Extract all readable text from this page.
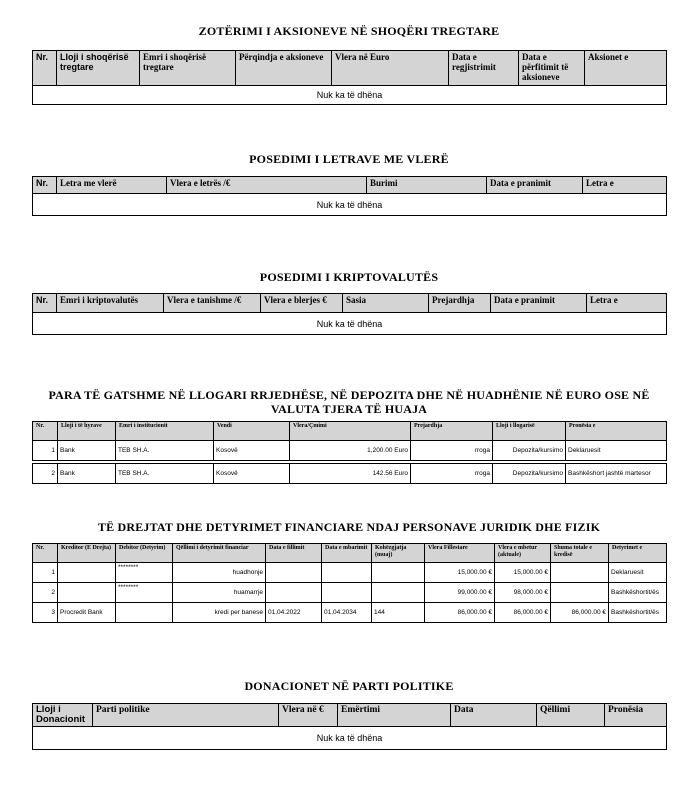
ZOTËRIMI I AKSIONEVE NË SHOQËRI TREGTARE
Nr.	Lloji i shoqërisë tregtare	Emri i shoqërisë tregtare	Përqindja e aksioneve	Vlera në Euro	Data e regjistrimit	Data e përfitimit të aksioneve	Aksionet e
Nuk ka të dhëna
POSEDIMI I LETRAVE ME VLERË
Nr.	Letra me vlerë	Vlera e letrës /€	Burimi	Data e pranimit	Letra e
Nuk ka të dhëna
POSEDIMI I KRIPTOVALUTËS
Nr.	Emri i kriptovalutës	Vlera e tanishme /€	Vlera e blerjes €	Sasia	Prejardhja	Data e pranimit	Letra e
Nuk ka të dhëna
PARA TË GATSHME NË LLOGARI RRJEDHËSE, NË DEPOZITA DHE NË HUADHËNIE NË EURO OSE NË
VALUTA TJERA TË HUAJA
Nr.	Lloji i të hyrave	Emri i institucionit	Vendi	Vlera/Çmimi	Prejardhja	Lloji i llogarisë	Pronësia e
1	Bank	TEB SH.A.	Kosovë	1,200.00 Euro	rroga	Depozita/kursimo	Deklaruesit

2	Bank	TEB SH.A.	Kosovë	142.56 Euro	rroga	Depozita/kursimo	Bashkëshort jashtë martesor
TË DREJTAT DHE DETYRIMET FINANCIARE NDAJ PERSONAVE JURIDIK DHE FIZIK
Nr.	Kreditor (E Drejta)	Debitor (Detyrim)	Qëllimi i detyrimit financiar	Data e fillimit	Data e mbarimit	Kohëzgjatja (muaj)	Vlera Fillestare	Vlera e mbetur (aktuale)	Shuma totale e kredisë	Detyrimet e
1		********	huadhonje				15,000.00 €	15,000.00 €		Deklaruesit
2		********	huamarrje				99,000.00 €	98,000.00 €		Bashkëshortit/ës
3	Procredit Bank		kredi per banese	01.04.2022	01.04.2034	144	86,000.00 €	86,000.00 €	86,000.00 €	Bashkëshortit/ës
DONACIONET NË PARTI POLITIKE
Lloji i Donacionit	Parti politike	Vlera në €	Emërtimi	Data	Qëllimi	Pronësia
Nuk ka të dhëna
